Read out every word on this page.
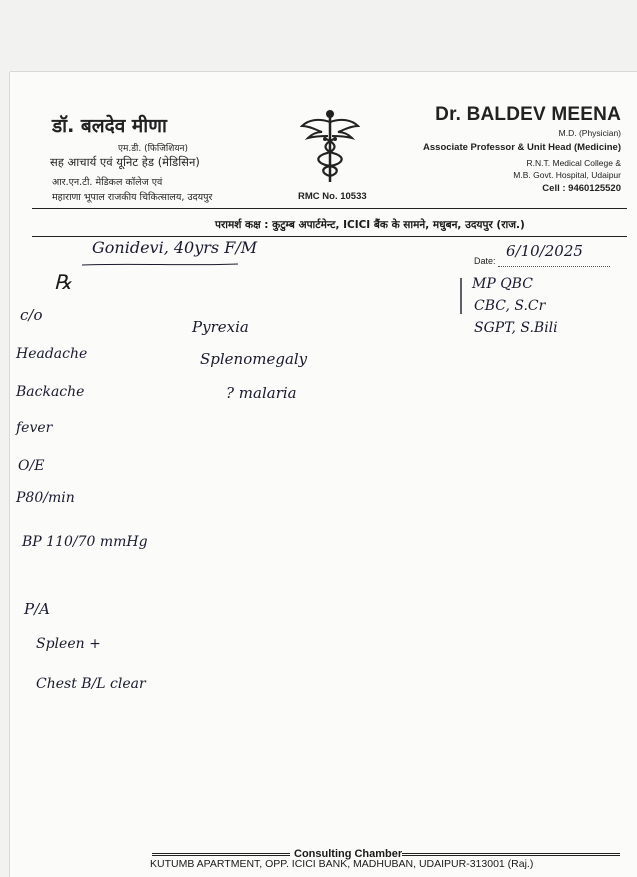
डॉ. बलदेव मीणा
एम.डी. (फिजिशियन)
सह आचार्य एवं यूनिट हेड (मेडिसिन)
आर.एन.टी. मेडिकल कॉलेज एवं
महाराणा भूपाल राजकीय चिकित्सालय, उदयपुर	RMC No. 10533
Dr. BALDEV MEENA
M.D. (Physician)
Associate Professor & Unit Head (Medicine)
R.N.T. Medical College &
M.B. Govt. Hospital, Udaipur
Cell : 9460125520
परामर्श कक्ष : कुटुम्ब अपार्टमेन्ट, ICICI बैंक के सामने, मधुबन, उदयपुर (राज.)
Gonidevi, 40yrs F/M
Date:
6/10/2025
℞
c/o
Headache
Backache
fever
O/E
P80/min
BP 110/70 mmHg
P/A
Spleen +
Chest B/L clear
Pyrexia
Splenomegaly
? malaria
MP QBC
CBC, S.Cr
SGPT, S.Bili
Consulting Chamber
KUTUMB APARTMENT, OPP. ICICI BANK, MADHUBAN, UDAIPUR-313001 (Raj.)
